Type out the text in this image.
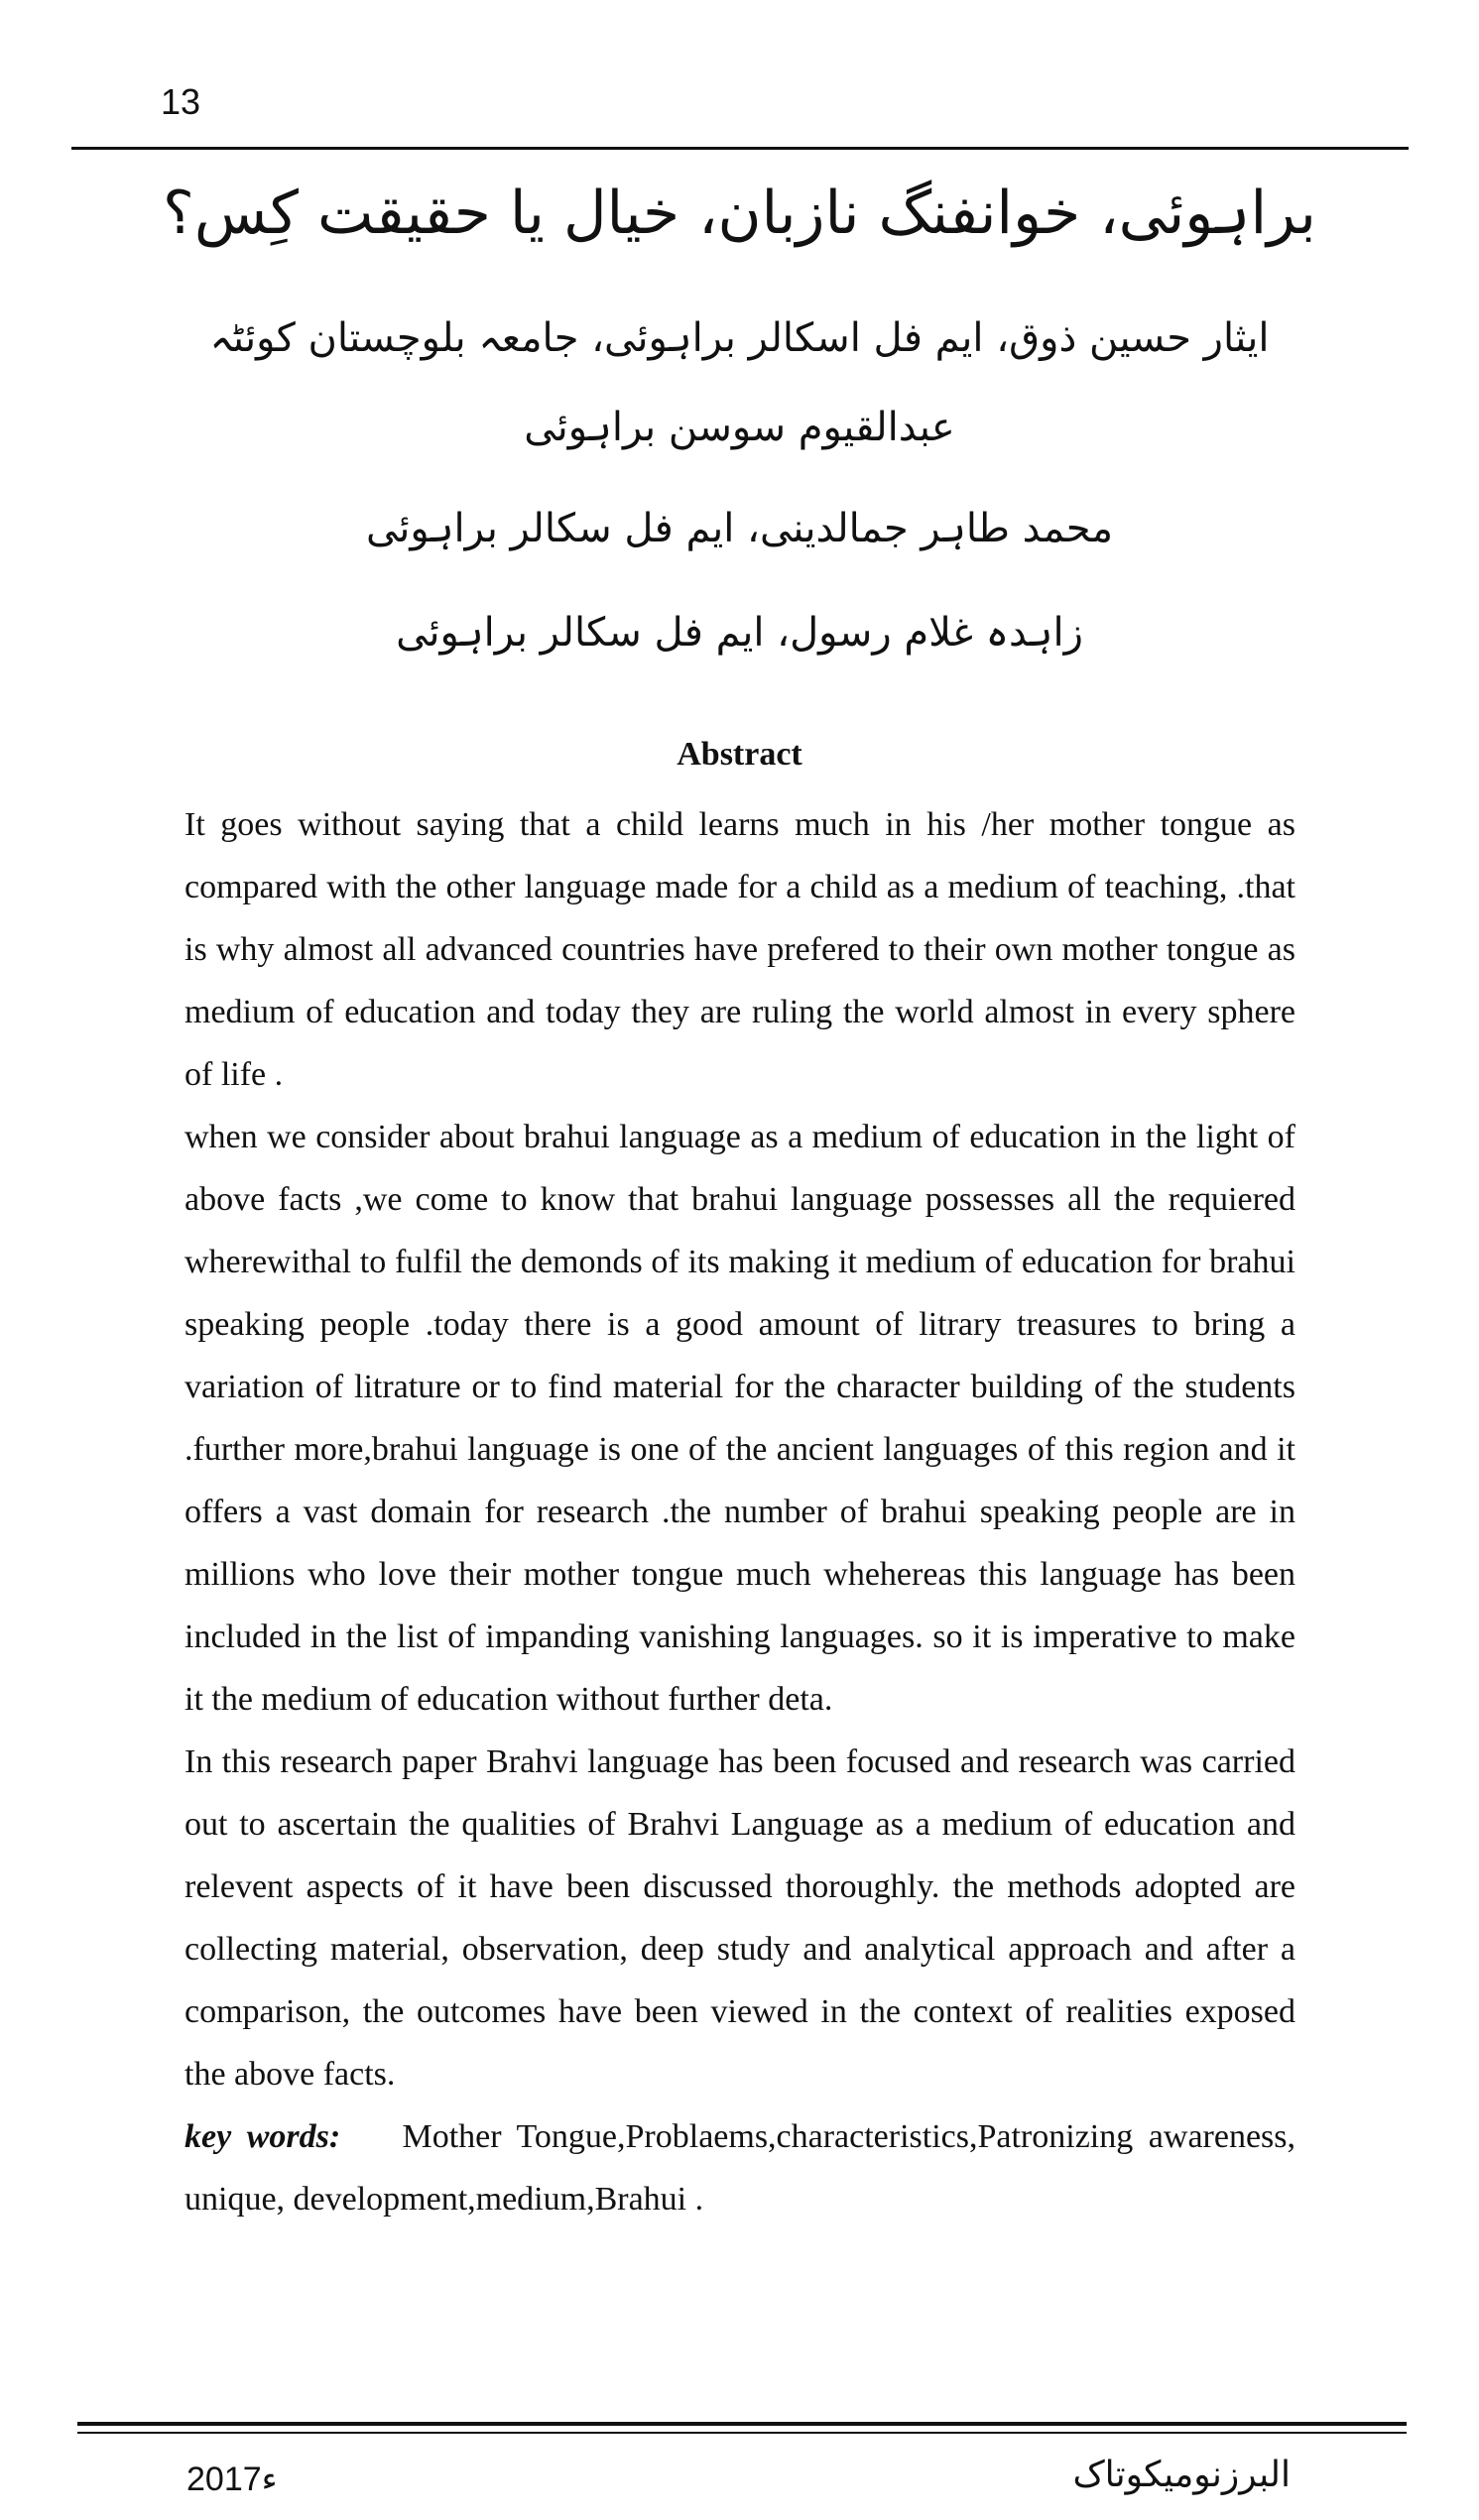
13
براہوئی، خوانفنگ نازبان، خیال یا حقیقت کِس؟
ایثار حسین ذوق، ایم فل اسکالر براہوئی، جامعہ بلوچستان کوئٹہ
عبدالقیوم سوسن براہوئی
محمد طاہر جمالدینی، ایم فل سکالر براہوئی
زاہدہ غلام رسول، ایم فل سکالر براہوئی
Abstract

It goes without saying that a child learns much in his /her mother tongue as compared with the other language made for a child as a medium of teaching, .that is why almost all advanced countries have prefered to their own mother tongue as medium of education and today they are ruling the world almost in every sphere of life .

when we consider about brahui language as a medium of education in the light of above facts ,we come to know that brahui language possesses all the requiered wherewithal to fulfil the demonds of its making it medium of education for brahui speaking people .today there is a good amount of litrary treasures to bring a variation of litrature or to find material for the character building of the students .further more,brahui language is one of the ancient languages of this region and it offers a vast domain for research .the number of brahui speaking people are in millions who love their mother tongue much whehereas this language has been included in the list of impanding vanishing languages. so it is imperative to make it the medium of education without further deta.

In this research paper Brahvi language has been focused and research was carried out to ascertain the qualities of Brahvi Language as a medium of education and relevent aspects of it have been discussed thoroughly. the methods adopted are collecting material, observation, deep study and analytical approach and after a comparison, the outcomes have been viewed in the context of realities exposed the above facts.

key words: Mother Tongue,Problaems,characteristics,Patronizing awareness, unique, development,medium,Brahui .

2017ء	البرزنومیکوتاک
